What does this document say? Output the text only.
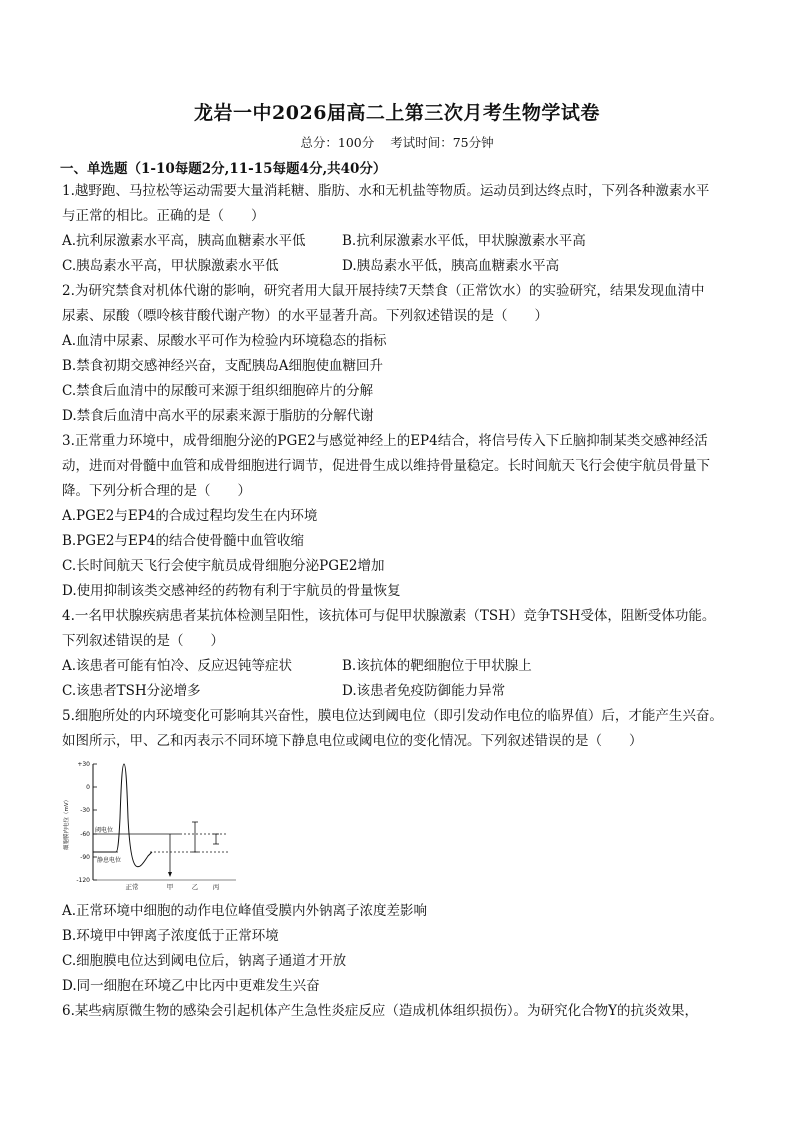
龙岩一中2026届高二上第三次月考生物学试卷
总分：100分 考试时间：75分钟
一、单选题（1-10每题2分,11-15每题4分,共40分）
1.越野跑、马拉松等运动需要大量消耗糖、脂肪、水和无机盐等物质。运动员到达终点时，下列各种激素水平
与正常的相比。正确的是（　　）
A.抗利尿激素水平高，胰高血糖素水平低	B.抗利尿激素水平低，甲状腺激素水平高
C.胰岛素水平高，甲状腺激素水平低	D.胰岛素水平低，胰高血糖素水平高
2.为研究禁食对机体代谢的影响，研究者用大鼠开展持续7天禁食（正常饮水）的实验研究，结果发现血清中
尿素、尿酸（嘌呤核苷酸代谢产物）的水平显著升高。下列叙述错误的是（　　）
A.血清中尿素、尿酸水平可作为检验内环境稳态的指标
B.禁食初期交感神经兴奋，支配胰岛A细胞使血糖回升
C.禁食后血清中的尿酸可来源于组织细胞碎片的分解
D.禁食后血清中高水平的尿素来源于脂肪的分解代谢
3.正常重力环境中，成骨细胞分泌的PGE2与感觉神经上的EP4结合，将信号传入下丘脑抑制某类交感神经活
动，进而对骨髓中血管和成骨细胞进行调节，促进骨生成以维持骨量稳定。长时间航天飞行会使宇航员骨量下
降。下列分析合理的是（　　）
A.PGE2与EP4的合成过程均发生在内环境
B.PGE2与EP4的结合使骨髓中血管收缩
C.长时间航天飞行会使宇航员成骨细胞分泌PGE2增加
D.使用抑制该类交感神经的药物有利于宇航员的骨量恢复
4.一名甲状腺疾病患者某抗体检测呈阳性，该抗体可与促甲状腺激素（TSH）竞争TSH受体，阻断受体功能。
下列叙述错误的是（　　）
A.该患者可能有怕冷、反应迟钝等症状	B.该抗体的靶细胞位于甲状腺上
C.该患者TSH分泌增多	D.该患者免疫防御能力异常
5.细胞所处的内环境变化可影响其兴奋性，膜电位达到阈电位（即引发动作电位的临界值）后，才能产生兴奋。
如图所示，甲、乙和丙表示不同环境下静息电位或阈电位的变化情况。下列叙述错误的是（　　）
+30
0
-30
-60
-90
-120
细胞膜内电位（mV）	阈电位
静息电位
正常	甲	乙 丙
A.正常环境中细胞的动作电位峰值受膜内外钠离子浓度差影响
B.环境甲中钾离子浓度低于正常环境
C.细胞膜电位达到阈电位后，钠离子通道才开放
D.同一细胞在环境乙中比丙中更难发生兴奋
6.某些病原微生物的感染会引起机体产生急性炎症反应（造成机体组织损伤）。为研究化合物Y的抗炎效果，
